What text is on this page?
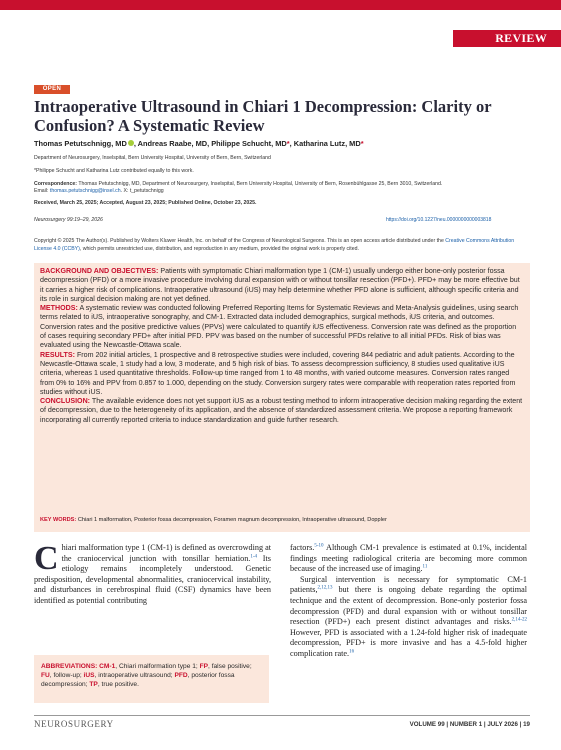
REVIEW
OPEN
Intraoperative Ultrasound in Chiari 1 Decompression: Clarity or Confusion? A Systematic Review
Thomas Petutschnigg, MD , Andreas Raabe, MD, Philippe Schucht, MD*, Katharina Lutz, MD*
Department of Neurosurgery, Inselspital, Bern University Hospital, University of Bern, Bern, Switzerland
*Philippe Schucht and Katharina Lutz contributed equally to this work.
Correspondence: Thomas Petutschnigg, MD, Department of Neurosurgery, Inselspital, Bern University Hospital, University of Bern, Rosenbühlgasse 25, Bern 3010, Switzerland.
Email: thomas.petutschnigg@insel.ch. X: t_petutschnigg
Received, March 25, 2025; Accepted, August 23, 2025; Published Online, October 23, 2025.
Neurosurgery 99:19–29, 2026	https://doi.org/10.1227/neu.0000000000003818
Copyright © 2025 The Author(s). Published by Wolters Kluwer Health, Inc. on behalf of the Congress of Neurological Surgeons. This is an open access article distributed under the Creative Commons Attribution License 4.0 (CCBY), which permits unrestricted use, distribution, and reproduction in any medium, provided the original work is properly cited.

BACKGROUND AND OBJECTIVES: Patients with symptomatic Chiari malformation type 1 (CM-1) usually undergo either bone-only posterior fossa decompression (PFD) or a more invasive procedure involving dural expansion with or without tonsillar resection (PFD+). PFD+ may be more effective but it carries a higher risk of complications. Intraoperative ultrasound (iUS) may help determine whether PFD alone is sufficient, although specific criteria and its role in surgical decision making are not yet defined.

METHODS: A systematic review was conducted following Preferred Reporting Items for Systematic Reviews and Meta-Analysis guidelines, using search terms related to iUS, intraoperative sonography, and CM-1. Extracted data included demographics, surgical methods, iUS criteria, and outcomes. Conversion rates and the positive predictive values (PPVs) were calculated to quantify iUS effectiveness. Conversion rate was defined as the proportion of cases requiring secondary PFD+ after initial PFD. PPV was based on the number of successful PFDs relative to all initial PFDs. Risk of bias was evaluated using the Newcastle-Ottawa scale.

RESULTS: From 202 initial articles, 1 prospective and 8 retrospective studies were included, covering 844 pediatric and adult patients. According to the Newcastle-Ottawa scale, 1 study had a low, 3 moderate, and 5 high risk of bias. To assess decompression sufficiency, 8 studies used qualitative iUS criteria, whereas 1 used quantitative thresholds. Follow-up time ranged from 1 to 48 months, with varied outcome measures. Conversion rates ranged from 0% to 16% and PPV from 0.857 to 1.000, depending on the study. Conversion surgery rates were comparable with reoperation rates reported from studies without iUS.

CONCLUSION: The available evidence does not yet support iUS as a robust testing method to inform intraoperative decision making regarding the extent of decompression, due to the heterogeneity of its application, and the absence of standardized assessment criteria. We propose a reporting framework incorporating all currently reported criteria to induce standardization and guide further research.

KEY WORDS: Chiari 1 malformation, Posterior fossa decompression, Foramen magnum decompression, Intraoperative ultrasound, Doppler

Chiari malformation type 1 (CM-1) is defined as overcrowding at the craniocervical junction with tonsillar herniation.$^{1-4}$ Its etiology remains incompletely understood. Genetic predisposition, developmental abnormalities, craniocervical instability, and disturbances in cerebrospinal fluid (CSF) dynamics have been identified as potential contributing

factors.$^{5-10}$ Although CM-1 prevalence is estimated at 0.1%, incidental findings meeting radiological criteria are becoming more common because of the increased use of imaging.$^{11}$

Surgical intervention is necessary for symptomatic CM-1 patients,$^{2,12,13}$ but there is ongoing debate regarding the optimal technique and the extent of decompression. Bone-only posterior fossa decompression (PFD) and dural expansion with or without tonsillar resection (PFD+) each present distinct advantages and risks.$^{2,14-22}$ However, PFD is associated with a 1.24-fold higher risk of inadequate decompression, PFD+ is more invasive and has a 4.5-fold higher complication rate.$^{16}$

ABBREVIATIONS: CM-1, Chiari malformation type 1; FP, false positive; FU, follow-up; iUS, intraoperative ultrasound; PFD, posterior fossa decompression; TP, true positive.
NEUROSURGERY	VOLUME 99 | NUMBER 1 | JULY 2026 | 19
